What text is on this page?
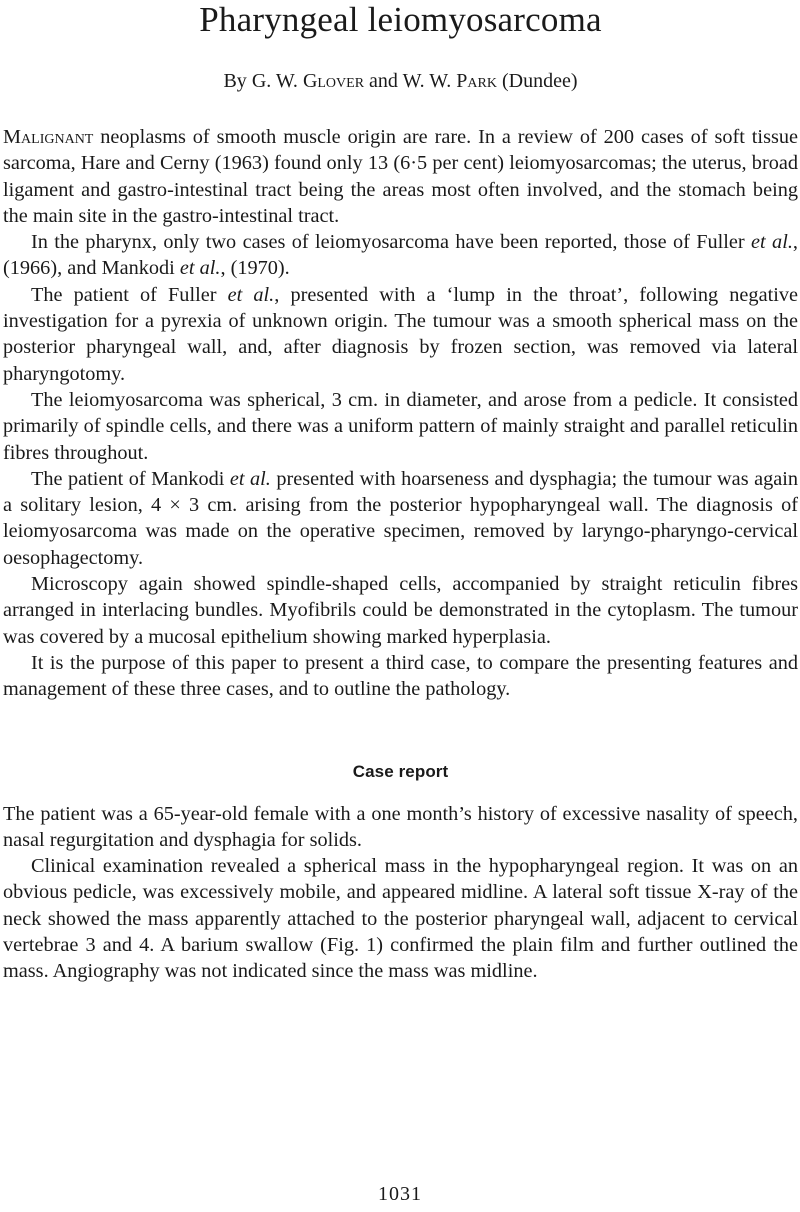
Pharyngeal leiomyosarcoma
By G. W. Glover and W. W. Park (Dundee)

Malignant neoplasms of smooth muscle origin are rare. In a review of 200 cases of soft tissue sarcoma, Hare and Cerny (1963) found only 13 (6·5 per cent) leiomyosarcomas; the uterus, broad ligament and gastro-intestinal tract being the areas most often involved, and the stomach being the main site in the gastro-intestinal tract.

In the pharynx, only two cases of leiomyosarcoma have been reported, those of Fuller et al., (1966), and Mankodi et al., (1970).

The patient of Fuller et al., presented with a ‘lump in the throat’, following negative investigation for a pyrexia of unknown origin. The tumour was a smooth spherical mass on the posterior pharyngeal wall, and, after diagnosis by frozen section, was removed via lateral pharyngotomy.

The leiomyosarcoma was spherical, 3 cm. in diameter, and arose from a pedicle. It consisted primarily of spindle cells, and there was a uniform pattern of mainly straight and parallel reticulin fibres throughout.

The patient of Mankodi et al. presented with hoarseness and dysphagia; the tumour was again a solitary lesion, 4 × 3 cm. arising from the posterior hypopharyngeal wall. The diagnosis of leiomyosarcoma was made on the operative specimen, removed by laryngo-pharyngo-cervical oesophagectomy.

Microscopy again showed spindle-shaped cells, accompanied by straight reticulin fibres arranged in interlacing bundles. Myofibrils could be demonstrated in the cytoplasm. The tumour was covered by a mucosal epithelium showing marked hyperplasia.

It is the purpose of this paper to present a third case, to compare the presenting features and management of these three cases, and to outline the pathology.

Case report

The patient was a 65-year-old female with a one month’s history of excessive nasality of speech, nasal regurgitation and dysphagia for solids.

Clinical examination revealed a spherical mass in the hypopharyngeal region. It was on an obvious pedicle, was excessively mobile, and appeared midline. A lateral soft tissue X-ray of the neck showed the mass apparently attached to the posterior pharyngeal wall, adjacent to cervical vertebrae 3 and 4. A barium swallow (Fig. 1) confirmed the plain film and further outlined the mass. Angiography was not indicated since the mass was midline.

1031
